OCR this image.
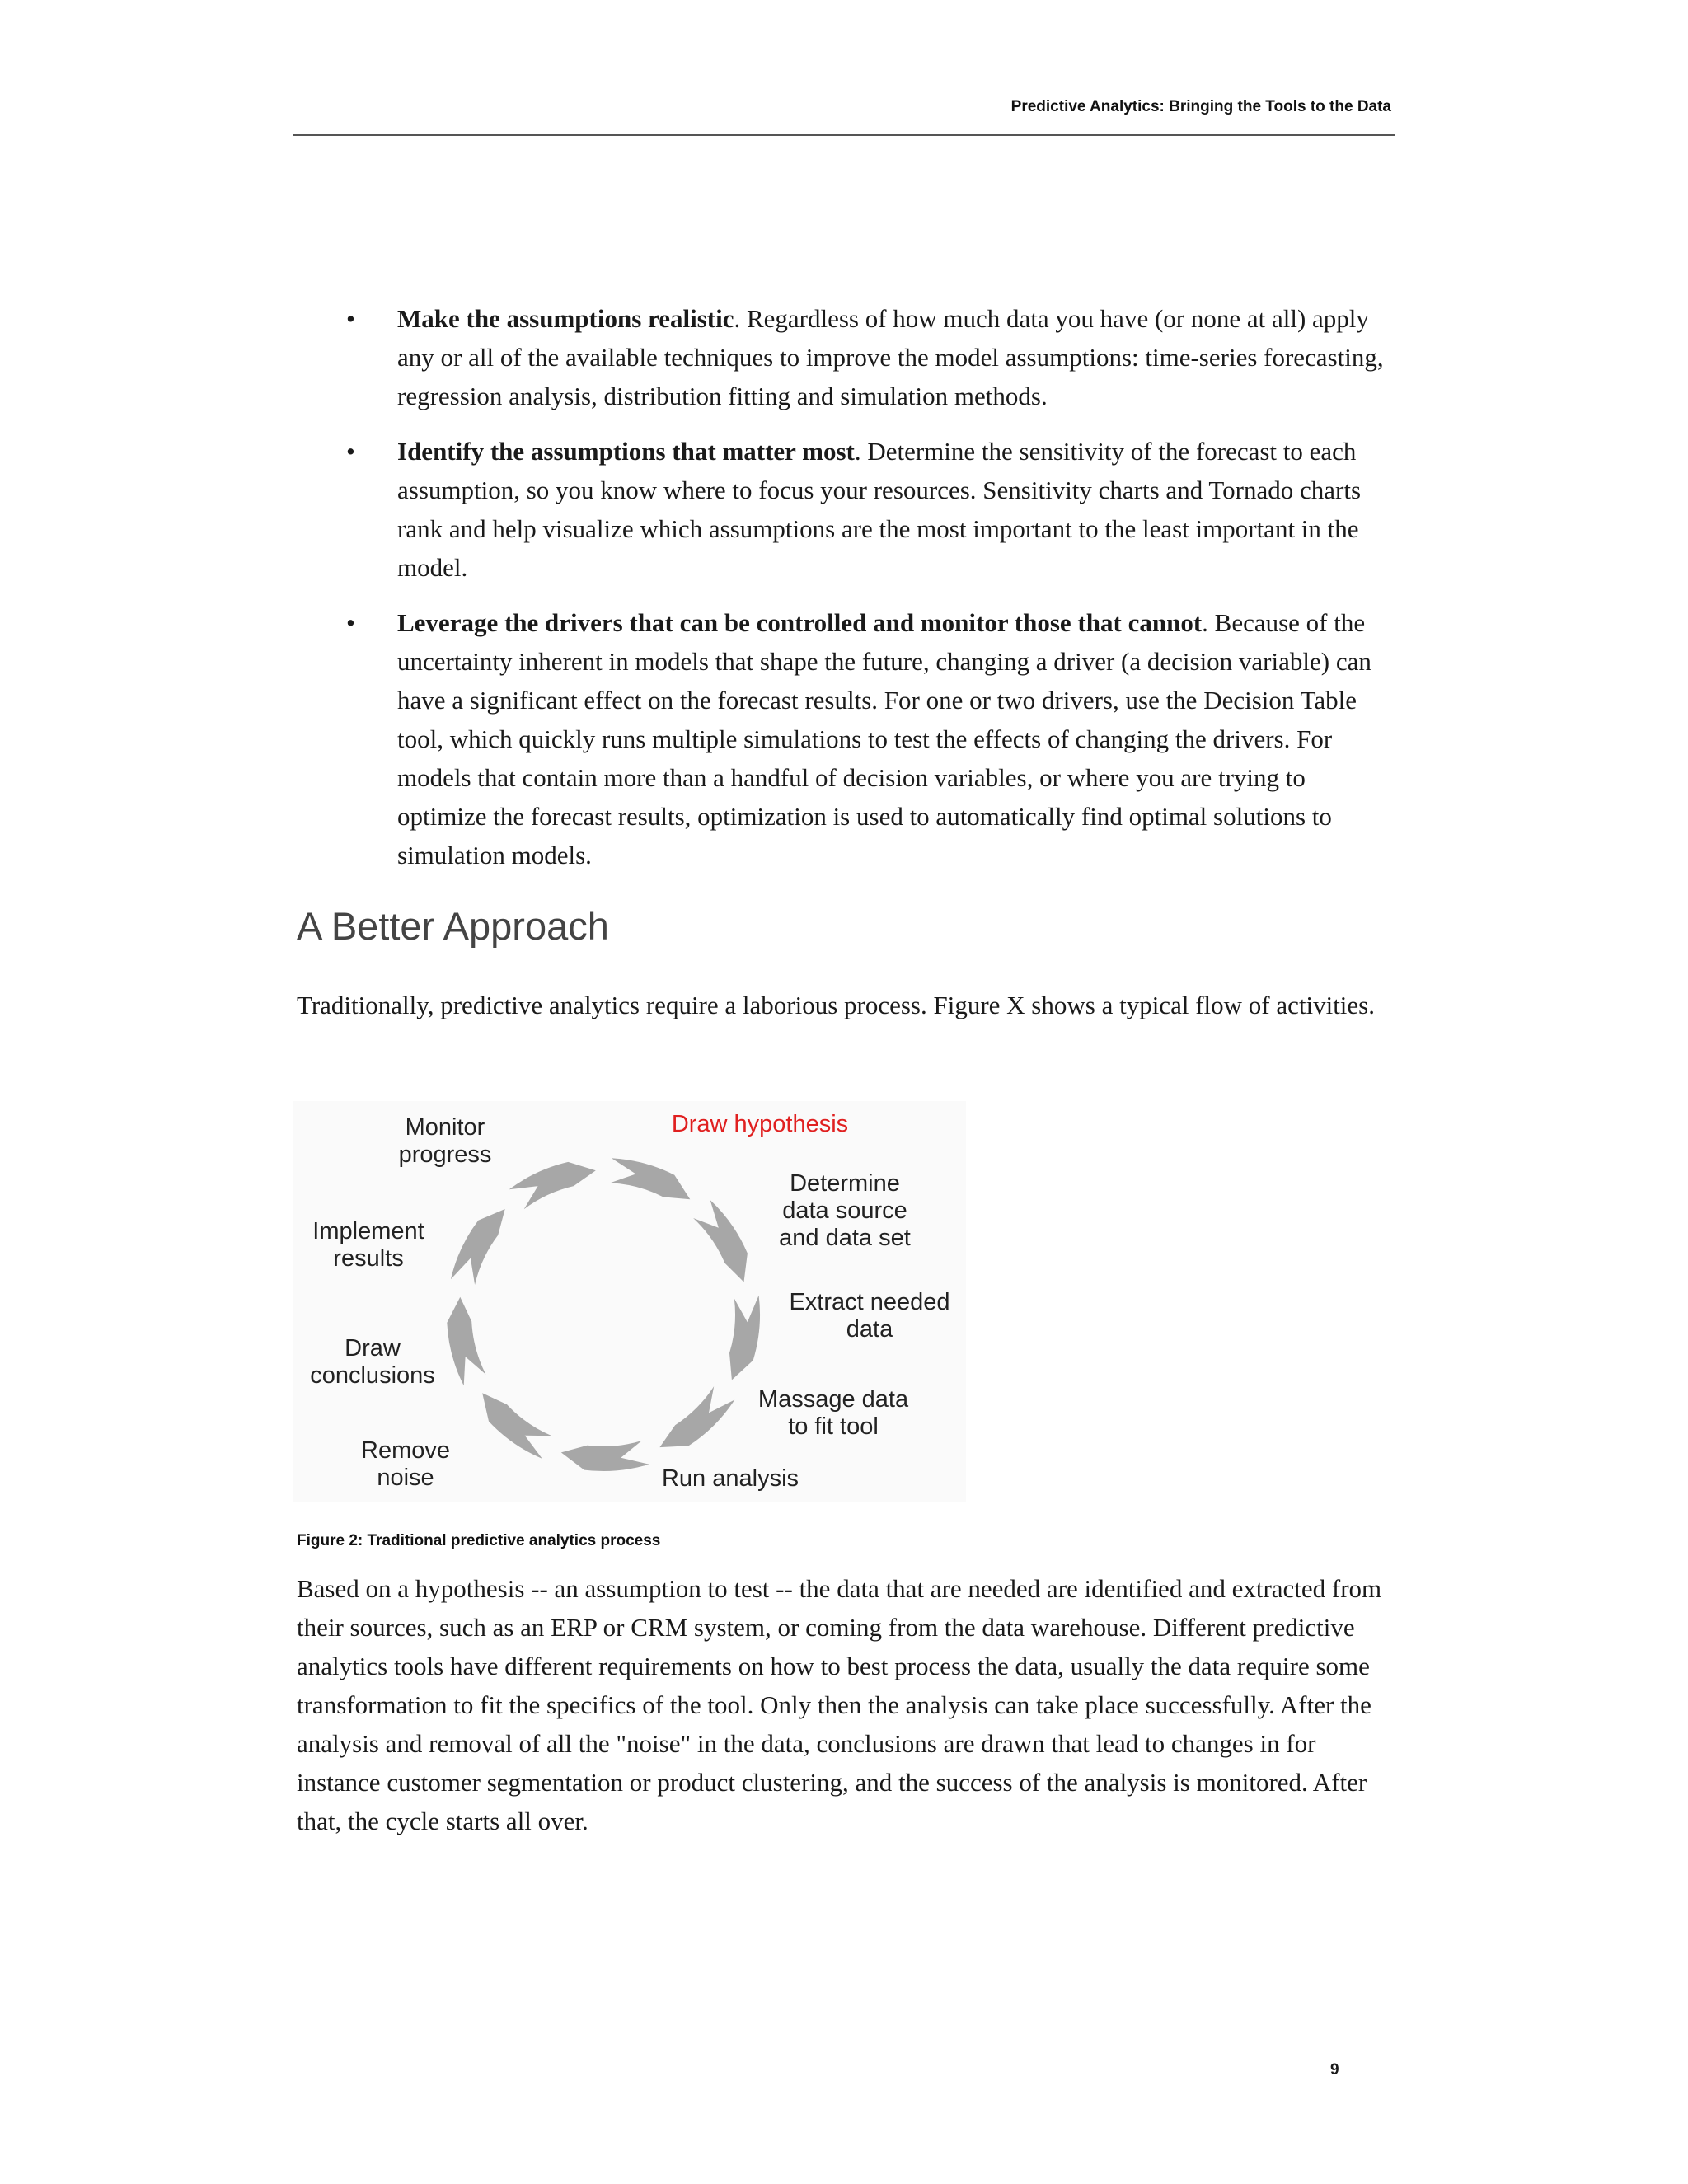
Predictive Analytics: Bringing the Tools to the Data
• Make the assumptions realistic. Regardless of how much data you have (or none at all) apply any or all of the available techniques to improve the model assumptions: time-series forecasting, regression analysis, distribution fitting and simulation methods.
• Identify the assumptions that matter most. Determine the sensitivity of the forecast to each assumption, so you know where to focus your resources. Sensitivity charts and Tornado charts rank and help visualize which assumptions are the most important to the least important in the model.
• Leverage the drivers that can be controlled and monitor those that cannot. Because of the uncertainty inherent in models that shape the future, changing a driver (a decision variable) can have a significant effect on the forecast results. For one or two drivers, use the Decision Table tool, which quickly runs multiple simulations to test the effects of changing the drivers. For models that contain more than a handful of decision variables, or where you are trying to optimize the forecast results, optimization is used to automatically find optimal solutions to simulation models.
A Better Approach

Traditionally, predictive analytics require a laborious process. Figure X shows a typical flow of activities.

Draw hypothesis
Determine
data source
and data set
Extract needed
data
Massage data
to fit tool
Run analysis
Remove
noise
Draw
conclusions
Implement
results
Monitor
progress

Figure 2: Traditional predictive analytics process

Based on a hypothesis -- an assumption to test -- the data that are needed are identified and extracted from their sources, such as an ERP or CRM system, or coming from the data warehouse. Different predictive analytics tools have different requirements on how to best process the data, usually the data require some transformation to fit the specifics of the tool. Only then the analysis can take place successfully. After the analysis and removal of all the "noise" in the data, conclusions are drawn that lead to changes in for instance customer segmentation or product clustering, and the success of the analysis is monitored. After that, the cycle starts all over.

9
